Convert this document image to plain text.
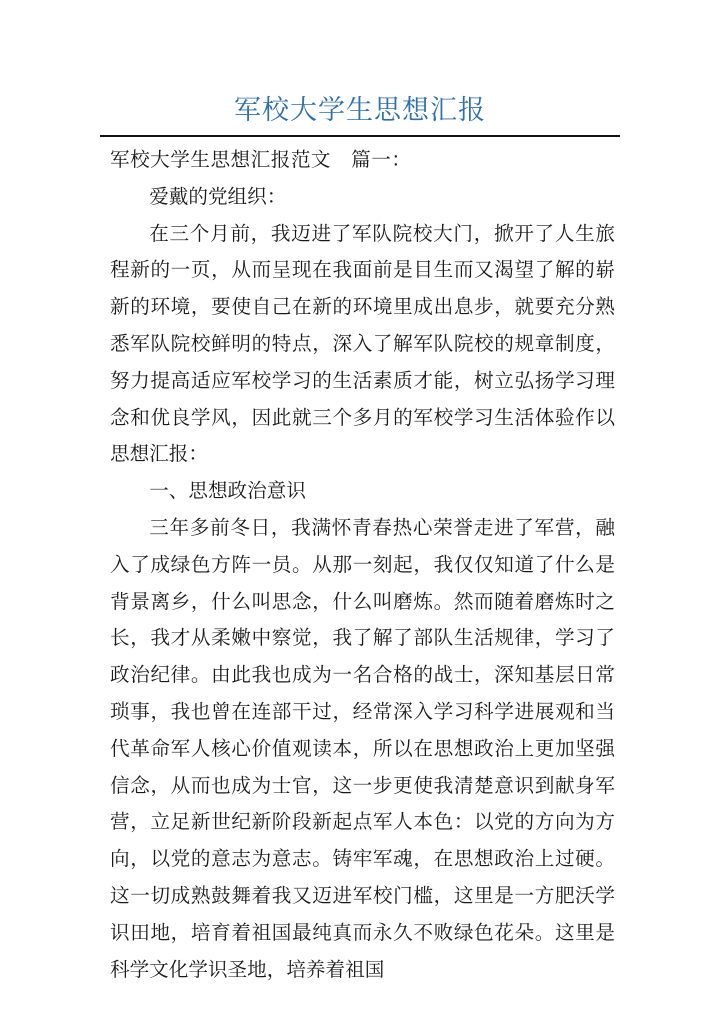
军校大学生思想汇报

军校大学生思想汇报范文　篇一：

爱戴的党组织：

在三个月前，我迈进了军队院校大门，掀开了人生旅程新的一页，从而呈现在我面前是目生而又渴望了解的崭新的环境，要使自己在新的环境里成出息步，就要充分熟悉军队院校鲜明的特点，深入了解军队院校的规章制度，努力提高适应军校学习的生活素质才能，树立弘扬学习理念和优良学风，因此就三个多月的军校学习生活体验作以思想汇报：

一、思想政治意识

三年多前冬日，我满怀青春热心荣誉走进了军营，融入了成绿色方阵一员。从那一刻起，我仅仅知道了什么是背景离乡，什么叫思念，什么叫磨炼。然而随着磨炼时之长，我才从柔嫩中察觉，我了解了部队生活规律，学习了政治纪律。由此我也成为一名合格的战士，深知基层日常琐事，我也曾在连部干过，经常深入学习科学进展观和当代革命军人核心价值观读本，所以在思想政治上更加坚强信念，从而也成为士官，这一步更使我清楚意识到献身军营，立足新世纪新阶段新起点军人本色：以党的方向为方向，以党的意志为意志。铸牢军魂，在思想政治上过硬。这一切成熟鼓舞着我又迈进军校门槛，这里是一方肥沃学识田地，培育着祖国最纯真而永久不败绿色花朵。这里是科学文化学识圣地，培养着祖国
